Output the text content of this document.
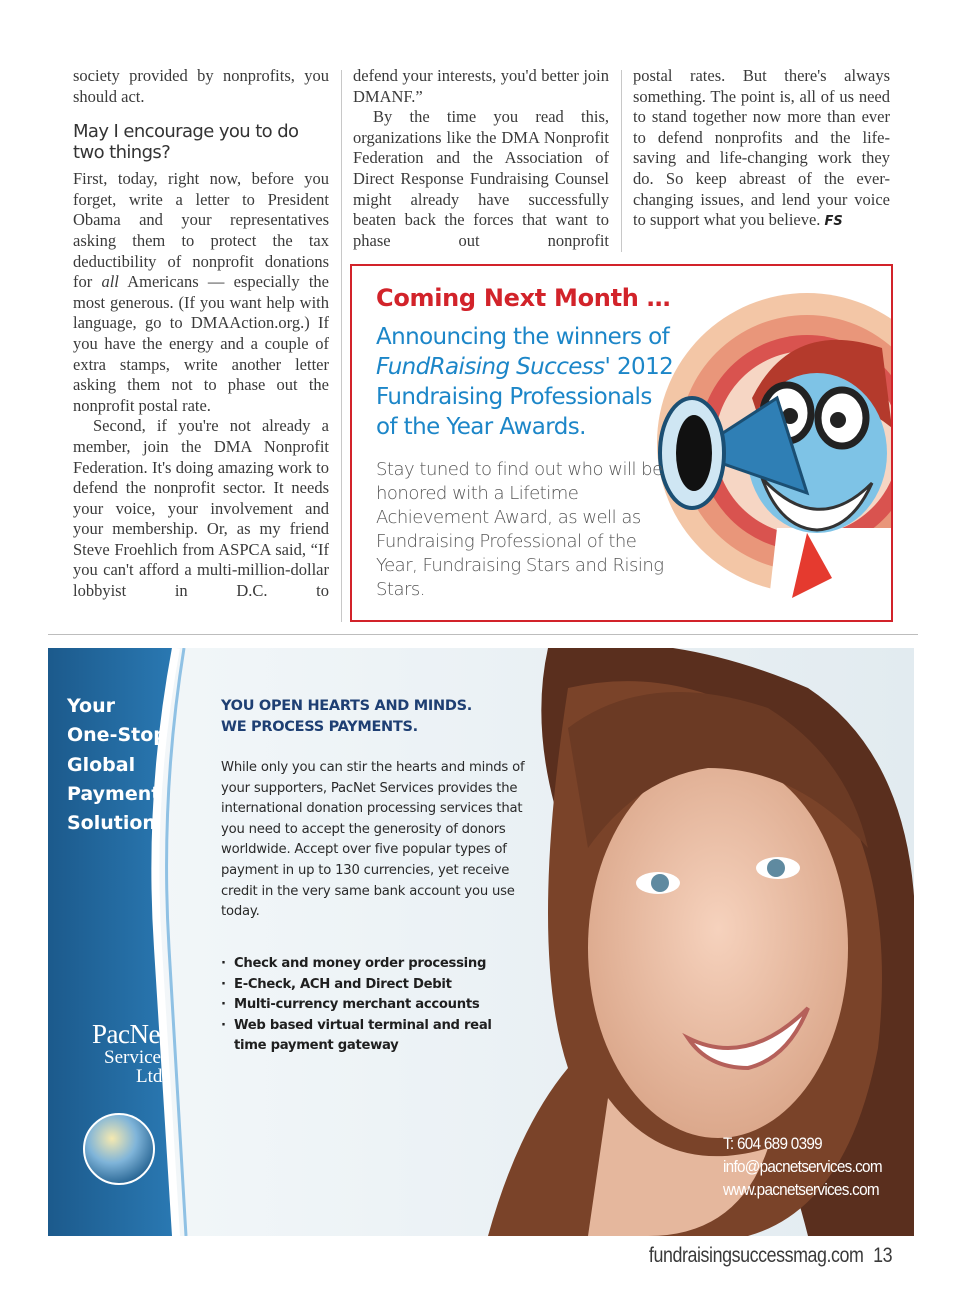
society provided by nonprofits, you should act.

May I encourage you to do two things?

First, today, right now, before you forget, write a letter to President Obama and your representatives asking them to protect the tax deductibility of nonprofit donations for all Americans — especially the most generous. (If you want help with language, go to DMAAction.org.) If you have the energy and a couple of extra stamps, write another letter asking them not to phase out the nonprofit postal rate.

Second, if you're not already a member, join the DMA Nonprofit Federation. It's doing amazing work to defend the nonprofit sector. It needs your voice, your involvement and your membership. Or, as my friend Steve Froehlich from ASPCA said, “If you can't afford a multi-million-dollar lobbyist in D.C. to

defend your interests, you'd better join DMANF.”

By the time you read this, organizations like the DMA Nonprofit Federation and the Association of Direct Response Fundraising Counsel might already have successfully beaten back the forces that want to phase out nonprofit

postal rates. But there's always something. The point is, all of us need to stand together now more than ever to defend nonprofits and the life-saving and life-changing work they do. So keep abreast of the ever-changing issues, and lend your voice to support what you believe. FS

Coming Next Month …
Announcing the winners of FundRaising Success' 2012 Fundraising Professionals of the Year Awards.
Stay tuned to find out who will be honored with a Lifetime Achievement Award, as well as Fundraising Professional of the Year, Fundraising Stars and Rising Stars.
Your
One-Stop
Global
Payment
Solution
YOU OPEN HEARTS AND MINDS.
WE PROCESS PAYMENTS.
While only you can stir the hearts and minds of your supporters, PacNet Services provides the international donation processing services that you need to accept the generosity of donors worldwide. Accept over five popular types of payment in up to 130 currencies, yet receive credit in the very same bank account you use today.
· Check and money order processing
· E-Check, ACH and Direct Debit
· Multi-currency merchant accounts
· Web based virtual terminal and real time payment gateway
PacNet
Services
Ltd.
T: 604 689 0399
info@pacnetservices.com
www.pacnetservices.com
fundraisingsuccessmag.com 13
